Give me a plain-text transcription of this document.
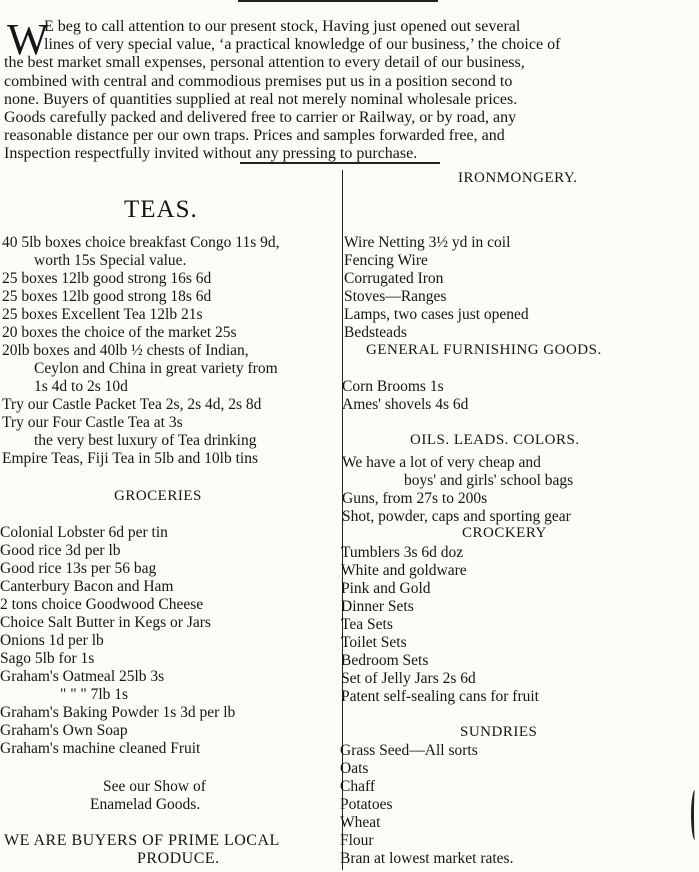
W
E beg to call attention to our present stock, Having just opened out several
lines of very special value, ‘a practical knowledge of our business,’ the choice of
the best market small expenses, personal attention to every detail of our business,
combined with central and commodious premises put us in a position second to
none. Buyers of quantities supplied at real not merely nominal wholesale prices.
Goods carefully packed and delivered free to carrier or Railway, or by road, any
reasonable distance per our own traps. Prices and samples forwarded free, and
Inspection respectfully invited without any pressing to purchase.
TEAS.
40 5lb boxes choice breakfast Congo 11s 9d,
worth 15s Special value.
25 boxes 12lb good strong 16s 6d
25 boxes 12lb good strong 18s 6d
25 boxes Excellent Tea 12lb 21s
20 boxes the choice of the market 25s
20lb boxes and 40lb ½ chests of Indian,
Ceylon and China in great variety from
1s 4d to 2s 10d
Try our Castle Packet Tea 2s, 2s 4d, 2s 8d
Try our Four Castle Tea at 3s
the very best luxury of Tea drinking
Empire Teas, Fiji Tea in 5lb and 10lb tins
GROCERIES
Colonial Lobster 6d per tin
Good rice 3d per lb
Good rice 13s per 56 bag
Canterbury Bacon and Ham
2 tons choice Goodwood Cheese
Choice Salt Butter in Kegs or Jars
Onions 1d per lb
Sago 5lb for 1s
Graham's Oatmeal 25lb 3s
" " " 7lb 1s
Graham's Baking Powder 1s 3d per lb
Graham's Own Soap
Graham's machine cleaned Fruit
See our Show of
Enamelad Goods.
WE ARE BUYERS OF PRIME LOCAL
PRODUCE.
IRONMONGERY.
Wire Netting 3½ yd in coil
Fencing Wire
Corrugated Iron
Stoves—Ranges
Lamps, two cases just opened
Bedsteads
GENERAL FURNISHING GOODS.
Corn Brooms 1s
Ames' shovels 4s 6d
OILS. LEADS. COLORS.
We have a lot of very cheap and
boys' and girls' school bags
Guns, from 27s to 200s
Shot, powder, caps and sporting gear
CROCKERY
Tumblers 3s 6d doz
White and goldware
Pink and Gold
Dinner Sets
Tea Sets
Toilet Sets
Bedroom Sets
Set of Jelly Jars 2s 6d
Patent self-sealing cans for fruit
SUNDRIES
Grass Seed—All sorts
Oats
Chaff
Potatoes
Wheat
Flour
Bran at lowest market rates.
